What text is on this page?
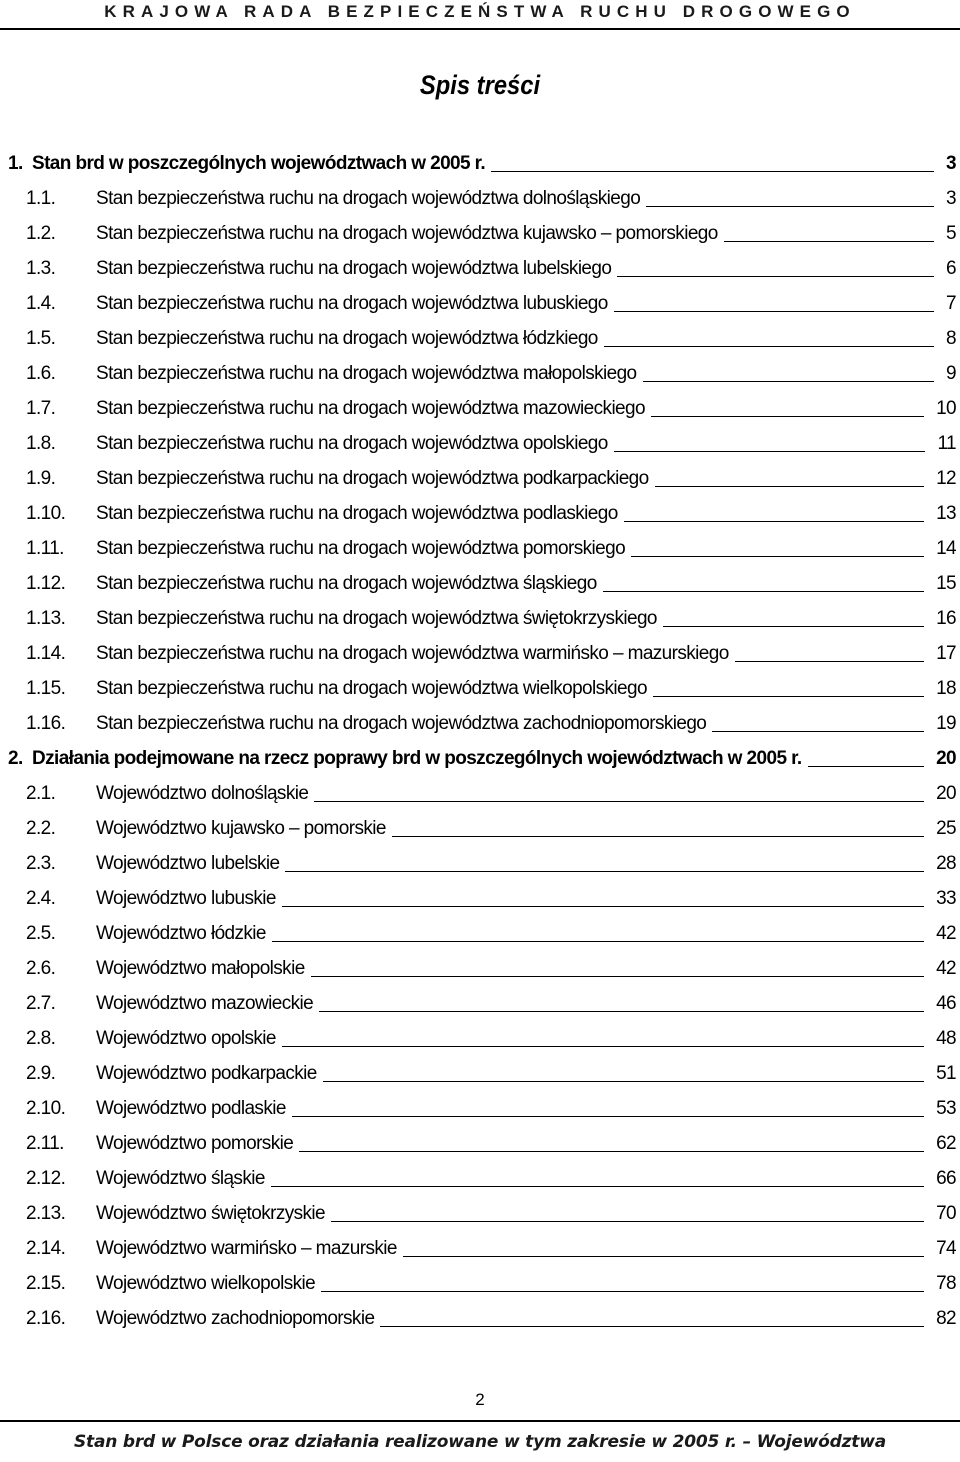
KRAJOWA RADA BEZPIECZEŃSTWA RUCHU DROGOWEGO
Spis treści
1. Stan brd w poszczególnych województwach w 2005 r.	3
1.1. Stan bezpieczeństwa ruchu na drogach województwa dolnośląskiego	3
1.2. Stan bezpieczeństwa ruchu na drogach województwa kujawsko – pomorskiego	5
1.3. Stan bezpieczeństwa ruchu na drogach województwa lubelskiego	6
1.4. Stan bezpieczeństwa ruchu na drogach województwa lubuskiego	7
1.5. Stan bezpieczeństwa ruchu na drogach województwa łódzkiego	8
1.6. Stan bezpieczeństwa ruchu na drogach województwa małopolskiego	9
1.7. Stan bezpieczeństwa ruchu na drogach województwa mazowieckiego	10
1.8. Stan bezpieczeństwa ruchu na drogach województwa opolskiego	11
1.9. Stan bezpieczeństwa ruchu na drogach województwa podkarpackiego	12
1.10. Stan bezpieczeństwa ruchu na drogach województwa podlaskiego	13
1.11. Stan bezpieczeństwa ruchu na drogach województwa pomorskiego	14
1.12. Stan bezpieczeństwa ruchu na drogach województwa śląskiego	15
1.13. Stan bezpieczeństwa ruchu na drogach województwa świętokrzyskiego	16
1.14. Stan bezpieczeństwa ruchu na drogach województwa warmińsko – mazurskiego	17
1.15. Stan bezpieczeństwa ruchu na drogach województwa wielkopolskiego	18
1.16. Stan bezpieczeństwa ruchu na drogach województwa zachodniopomorskiego	19
2. Działania podejmowane na rzecz poprawy brd w poszczególnych województwach w 2005 r.	20
2.1. Województwo dolnośląskie	20
2.2. Województwo kujawsko – pomorskie	25
2.3. Województwo lubelskie	28
2.4. Województwo lubuskie	33
2.5. Województwo łódzkie	42
2.6. Województwo małopolskie	42
2.7. Województwo mazowieckie	46
2.8. Województwo opolskie	48
2.9. Województwo podkarpackie	51
2.10. Województwo podlaskie	53
2.11. Województwo pomorskie	62
2.12. Województwo śląskie	66
2.13. Województwo świętokrzyskie	70
2.14. Województwo warmińsko – mazurskie	74
2.15. Województwo wielkopolskie	78
2.16. Województwo zachodniopomorskie	82
2
Stan brd w Polsce oraz działania realizowane w tym zakresie w 2005 r. – Województwa
